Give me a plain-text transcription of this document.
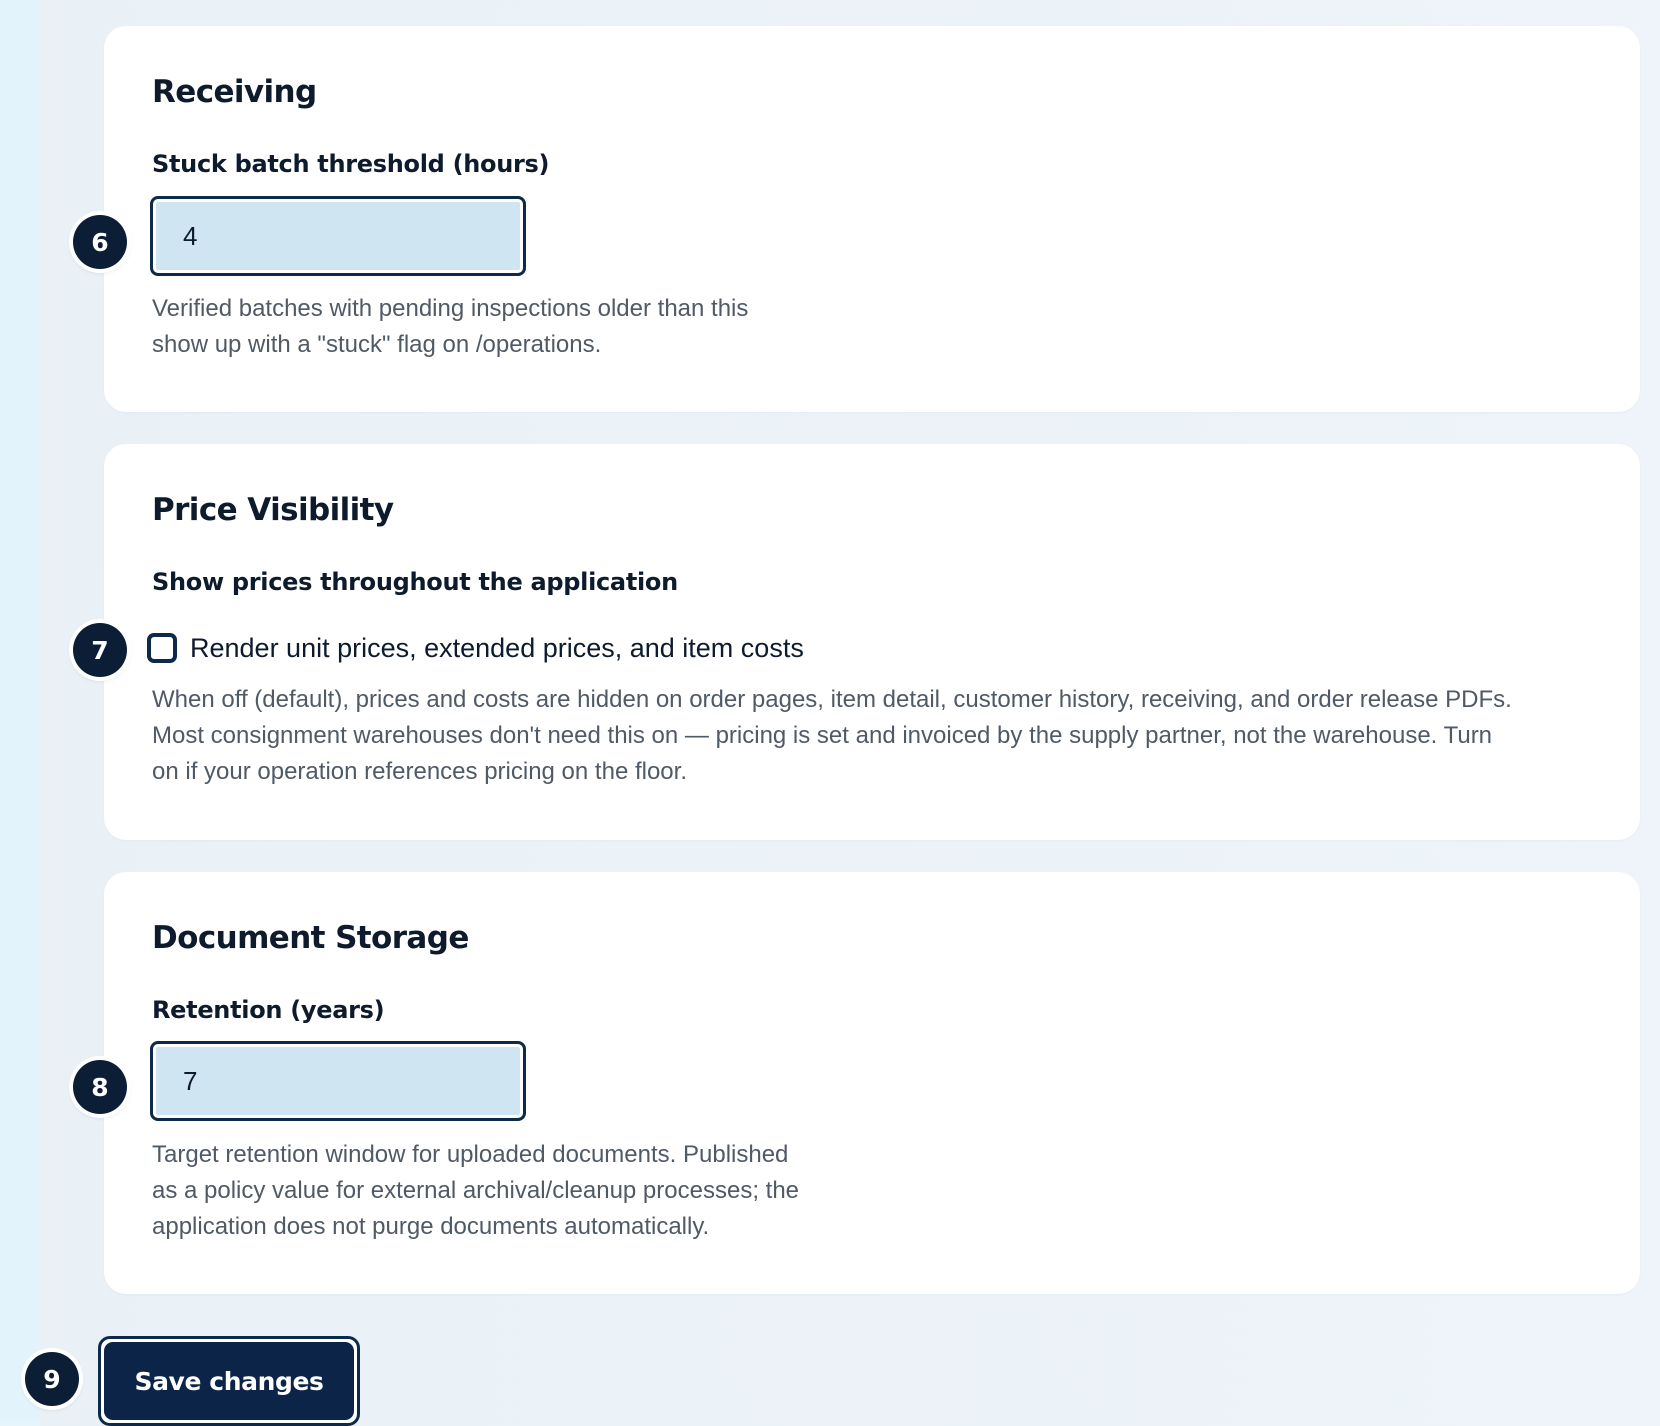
Receiving
Stuck batch threshold (hours)
4

Verified batches with pending inspections older than this
show up with a "stuck" flag on /operations.

Price Visibility
Show prices throughout the application
Render unit prices, extended prices, and item costs

When off (default), prices and costs are hidden on order pages, item detail, customer history, receiving, and order release PDFs.
Most consignment warehouses don't need this on — pricing is set and invoiced by the supply partner, not the warehouse. Turn
on if your operation references pricing on the floor.

Document Storage
Retention (years)
7

Target retention window for uploaded documents. Published
as a policy value for external archival/cleanup processes; the
application does not purge documents automatically.

6
7
8
9	Save changes
